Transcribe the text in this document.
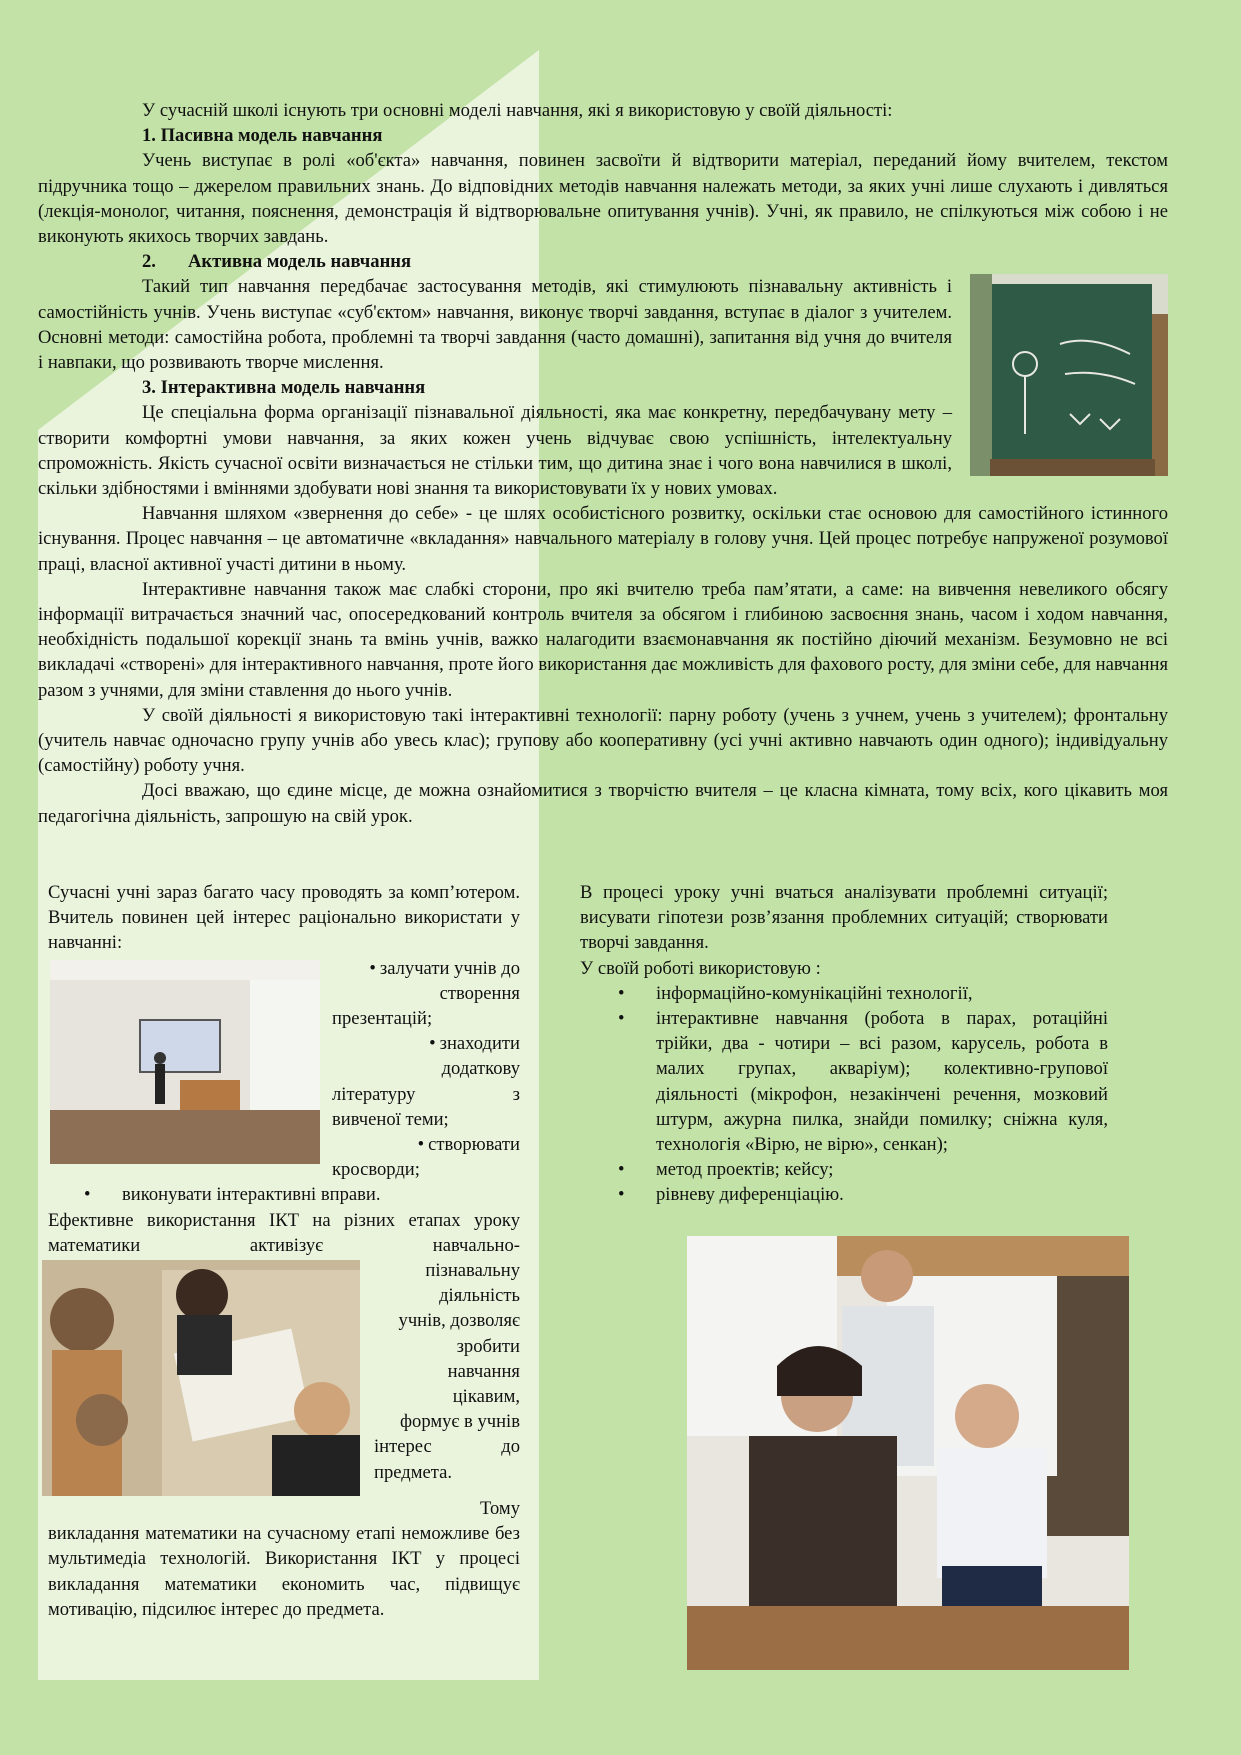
У сучасній школі існують три основні моделі навчання, які я використовую у своїй діяльності:

1. Пасивна модель навчання

Учень виступає в ролі «об'єкта» навчання, повинен засвоїти й відтворити матеріал, переданий йому вчителем, текстом підручника тощо – джерелом правильних знань. До відповідних методів навчання належать методи, за яких учні лише слухають і дивляться (лекція-монолог, читання, пояснення, демонстрація й відтворювальне опитування учнів). Учні, як правило, не спілкуються між собою і не виконують якихось творчих завдань.

2. Активна модель навчання

Такий тип навчання передбачає застосування методів, які стимулюють пізнавальну активність і самостійність учнів. Учень виступає «суб'єктом» навчання, виконує творчі завдання, вступає в діалог з учителем. Основні методи: самостійна робота, проблемні та творчі завдання (часто домашні), запитання від учня до вчителя і навпаки, що розвивають творче мислення.

3. Інтерактивна модель навчання

Це спеціальна форма організації пізнавальної діяльності, яка має конкретну, передбачувану мету – створити комфортні умови навчання, за яких кожен учень відчуває свою успішність, інтелектуальну спроможність. Якість сучасної освіти визначається не стільки тим, що дитина знає і чого вона навчилися в школі, скільки здібностями і вміннями здобувати нові знання та використовувати їх у нових умовах.

Навчання шляхом «звернення до себе» - це шлях особистісного розвитку, оскільки стає основою для самостійного істинного існування. Процес навчання – це автоматичне «вкладання» навчального матеріалу в голову учня. Цей процес потребує напруженої розумової праці, власної активної участі дитини в ньому.

Інтерактивне навчання також має слабкі сторони, про які вчителю треба пам’ятати, а саме: на вивчення невеликого обсягу інформації витрачається значний час, опосередкований контроль вчителя за обсягом і глибиною засвоєння знань, часом і ходом навчання, необхідність подальшої корекції знань та вмінь учнів, важко налагодити взаємонавчання як постійно діючий механізм. Безумовно не всі викладачі «створені» для інтерактивного навчання, проте його використання дає можливість для фахового росту, для зміни себе, для навчання разом з учнями, для зміни ставлення до нього учнів.

У своїй діяльності я використовую такі інтерактивні технології: парну роботу (учень з учнем, учень з учителем); фронтальну (учитель навчає одночасно групу учнів або увесь клас); групову або кооперативну (усі учні активно навчають один одного); індивідуальну (самостійну) роботу учня.

Досі вважаю, що єдине місце, де можна ознайомитися з творчістю вчителя – це класна кімната, тому всіх, кого цікавить моя педагогічна діяльність, запрошую на свій урок.

Сучасні учні зараз багато часу проводять за комп’ютером. Вчитель повинен цей інтерес раціонально використати у навчанні:

• залучати учнів до

створення

презентацій;

• знаходити

додаткову

літературу з

вивченої теми;

• створювати

кросворди;

• виконувати інтерактивні вправи.

Ефективне використання ІКТ на різних етапах уроку математики активізує навчально-

пізнавальну

діяльність

учнів, дозволяє

зробити

навчання

цікавим,

формує в учнів

інтерес до

предмета.

Тому

викладання математики на сучасному етапі неможливе без мультимедіа технологій. Використання ІКТ у процесі викладання математики економить час, підвищує мотивацію, підсилює інтерес до предмета.

В процесі уроку учні вчаться аналізувати проблемні ситуації; висувати гіпотези розв’язання проблемних ситуацій; створювати творчі завдання.

У своїй роботі використовую :

• інформаційно-комунікаційні технології,
• інтерактивне навчання (робота в парах, ротаційні трійки, два - чотири – всі разом, карусель, робота в малих групах, акваріум); колективно-групової діяльності (мікрофон, незакінчені речення, мозковий штурм, ажурна пилка, знайди помилку; сніжна куля, технологія «Вірю, не вірю», сенкан);
• метод проектів; кейсу;
• рівневу диференціацію.
